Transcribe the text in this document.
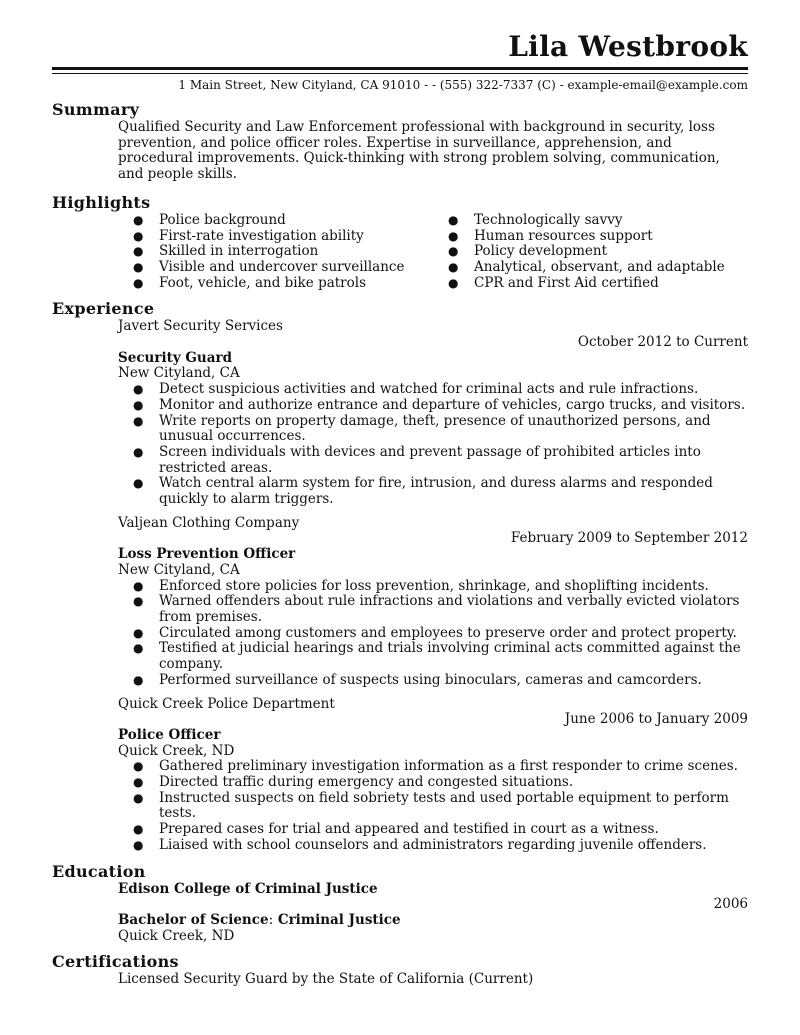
Lila Westbrook
1 Main Street, New Cityland, CA 91010 - - (555) 322-7337 (C) - example-email@example.com
Summary

Qualified Security and Law Enforcement professional with background in security, loss prevention, and police officer roles. Expertise in surveillance, apprehension, and procedural improvements. Quick-thinking with strong problem solving, communication, and people skills.

Highlights
● Police background
● First-rate investigation ability
● Skilled in interrogation
● Visible and undercover surveillance
● Foot, vehicle, and bike patrols
● Technologically savvy
● Human resources support
● Policy development
● Analytical, observant, and adaptable
● CPR and First Aid certified
Experience
Javert Security Services
October 2012 to Current
Security Guard
New Cityland, CA
● Detect suspicious activities and watched for criminal acts and rule infractions.
● Monitor and authorize entrance and departure of vehicles, cargo trucks, and visitors.
● Write reports on property damage, theft, presence of unauthorized persons, and unusual occurrences.
● Screen individuals with devices and prevent passage of prohibited articles into restricted areas.
● Watch central alarm system for fire, intrusion, and duress alarms and responded quickly to alarm triggers.
Valjean Clothing Company
February 2009 to September 2012
Loss Prevention Officer
New Cityland, CA
● Enforced store policies for loss prevention, shrinkage, and shoplifting incidents.
● Warned offenders about rule infractions and violations and verbally evicted violators from premises.
● Circulated among customers and employees to preserve order and protect property.
● Testified at judicial hearings and trials involving criminal acts committed against the company.
● Performed surveillance of suspects using binoculars, cameras and camcorders.
Quick Creek Police Department
June 2006 to January 2009
Police Officer
Quick Creek, ND
● Gathered preliminary investigation information as a first responder to crime scenes.
● Directed traffic during emergency and congested situations.
● Instructed suspects on field sobriety tests and used portable equipment to perform tests.
● Prepared cases for trial and appeared and testified in court as a witness.
● Liaised with school counselors and administrators regarding juvenile offenders.
Education
Edison College of Criminal Justice
2006
Bachelor of Science: Criminal Justice
Quick Creek, ND
Certifications
Licensed Security Guard by the State of California (Current)
